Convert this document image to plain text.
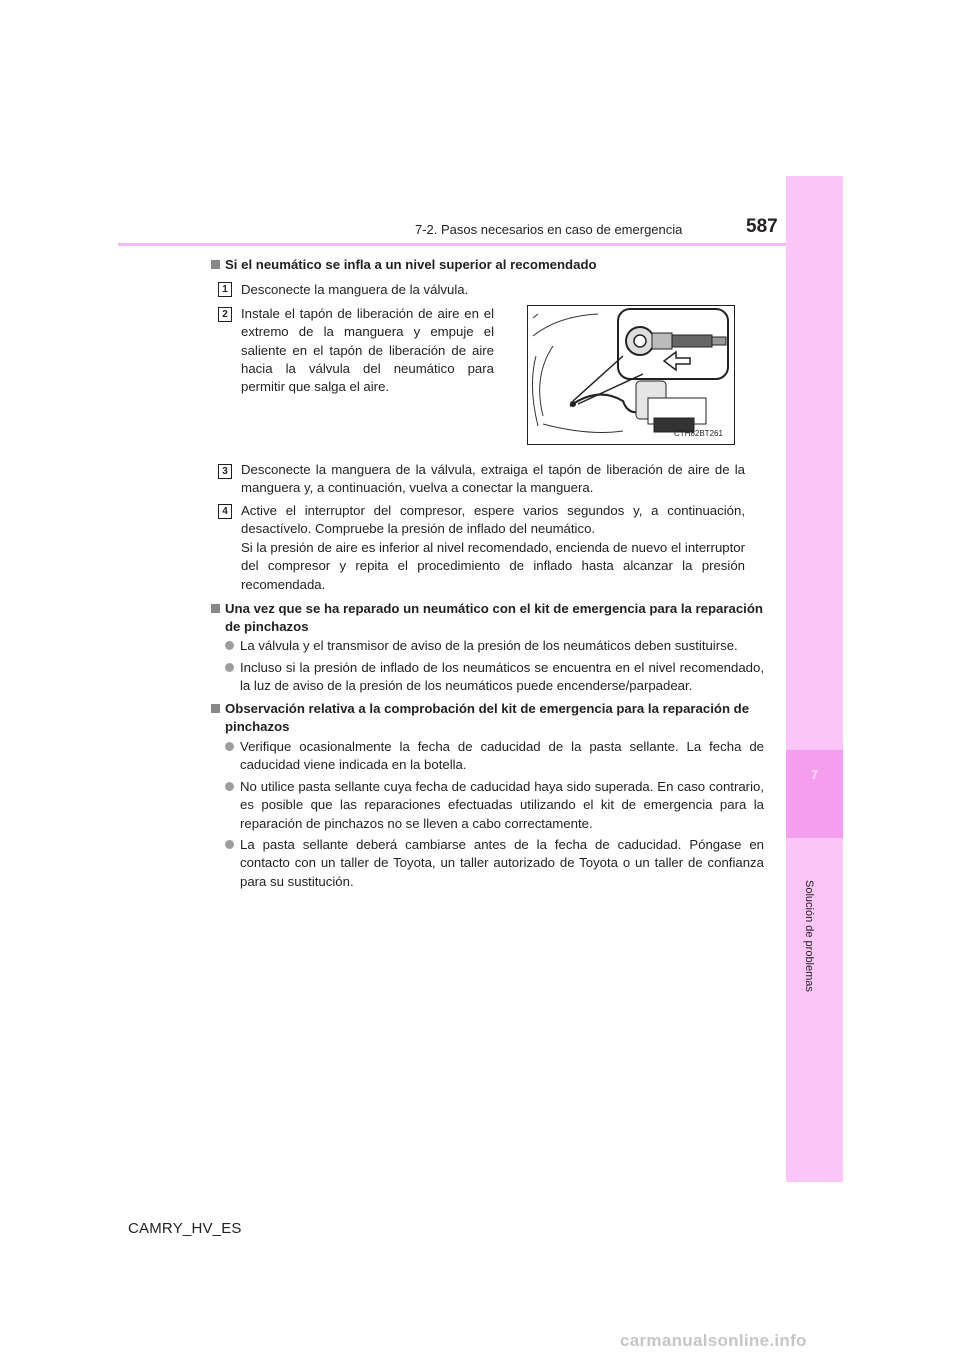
7-2. Pasos necesarios en caso de emergencia	587
7
Solución de problemas
Si el neumático se infla a un nivel superior al recomendado
1	Desconecte la manguera de la válvula.
2	Instale el tapón de liberación de aire en el extremo de la manguera y empuje el saliente en el tapón de liberación de aire hacia la válvula del neumático para permitir que salga el aire.
CTH82BT261
3	Desconecte la manguera de la válvula, extraiga el tapón de liberación de aire de la manguera y, a continuación, vuelva a conectar la manguera.
4	Active el interruptor del compresor, espere varios segundos y, a continuación, desactívelo. Compruebe la presión de inflado del neumático.
Si la presión de aire es inferior al nivel recomendado, encienda de nuevo el interruptor del compresor y repita el procedimiento de inflado hasta alcanzar la presión recomendada.
Una vez que se ha reparado un neumático con el kit de emergencia para la reparación de pinchazos
La válvula y el transmisor de aviso de la presión de los neumáticos deben sustituirse.
Incluso si la presión de inflado de los neumáticos se encuentra en el nivel recomendado, la luz de aviso de la presión de los neumáticos puede encenderse/parpadear.
Observación relativa a la comprobación del kit de emergencia para la reparación de pinchazos
Verifique ocasionalmente la fecha de caducidad de la pasta sellante. La fecha de caducidad viene indicada en la botella.
No utilice pasta sellante cuya fecha de caducidad haya sido superada. En caso contrario, es posible que las reparaciones efectuadas utilizando el kit de emergencia para la reparación de pinchazos no se lleven a cabo correctamente.
La pasta sellante deberá cambiarse antes de la fecha de caducidad. Póngase en contacto con un taller de Toyota, un taller autorizado de Toyota o un taller de confianza para su sustitución.
CAMRY_HV_ES
carmanualsonline.info
